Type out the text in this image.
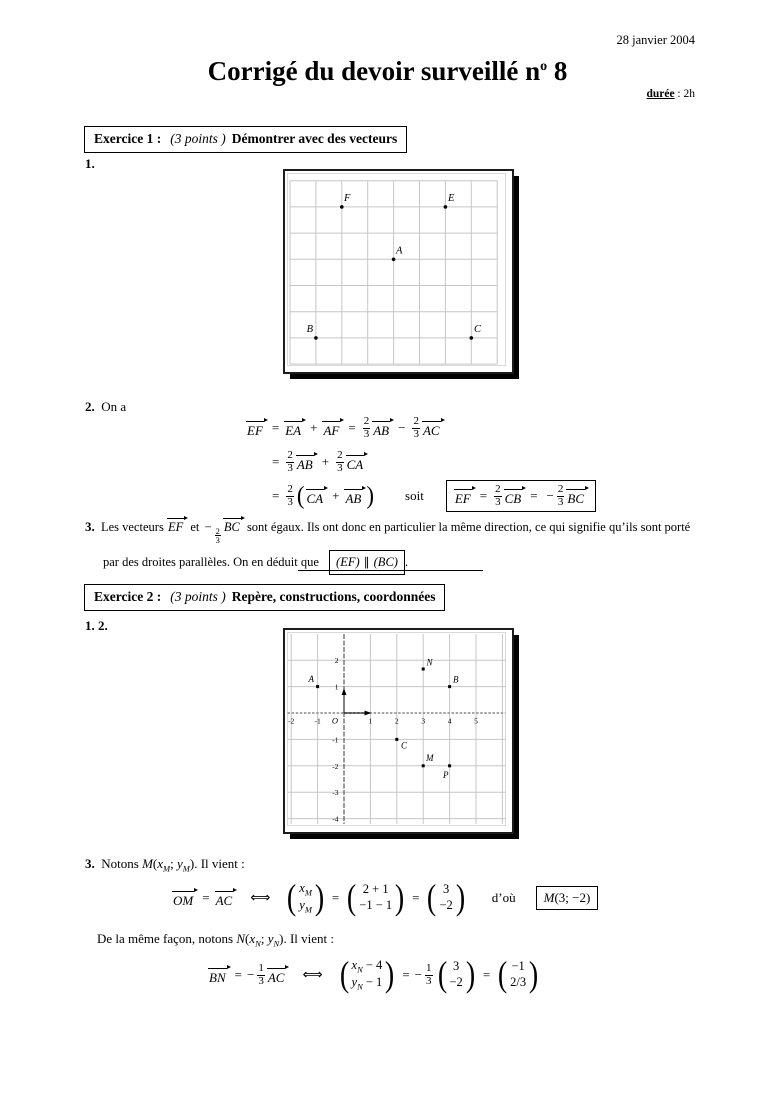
28 janvier 2004
Corrigé du devoir surveillé $n^o$ 8
durée : 2h
Exercice 1 : (3 points ) Démontrer avec des vecteurs
1.
F	E
A
B	C
2. On a
EF = EA + AF = $\frac{2}{3}$ AB − $\frac{2}{3}$ AC
= $\frac{2}{3}$ AB + $\frac{2}{3}$ CA
= $\frac{2}{3}$ ( CA + AB ) soit EF = $\frac{2}{3}$ CB = − $\frac{2}{3}$ BC
3. Les vecteurs EF et − $\frac{2}{3}$ BC sont égaux. Ils ont donc en particulier la même direction, ce qui signifie qu’ils sont porté
par des droites parallèles. On en déduit que (EF) ∥ (BC) .
Exercice 2 : (3 points ) Repère, constructions, coordonnées
1. 2.
-2	-1	1	2	3	4	5
O
2
1
-1
-2
-3
-4
A
N
B
C
M
P
3. Notons $M(x_M$; $y_M$). Il vient :
OM = AC ⟺ ( $x_M$
$y_M$ ) = ( 2 + 1
−1 − 1 ) = ( 3
−2 ) d’où M (3; −2)
De la même façon, notons $N(x_N$; $y_N$). Il vient :
BN = − $\frac{1}{3}$ AC ⟺ ( $x_N - 4$
$y_N - 1$ ) = − $\frac{1}{3}$ ( 3
−2 ) = ( −1
2/3 )
